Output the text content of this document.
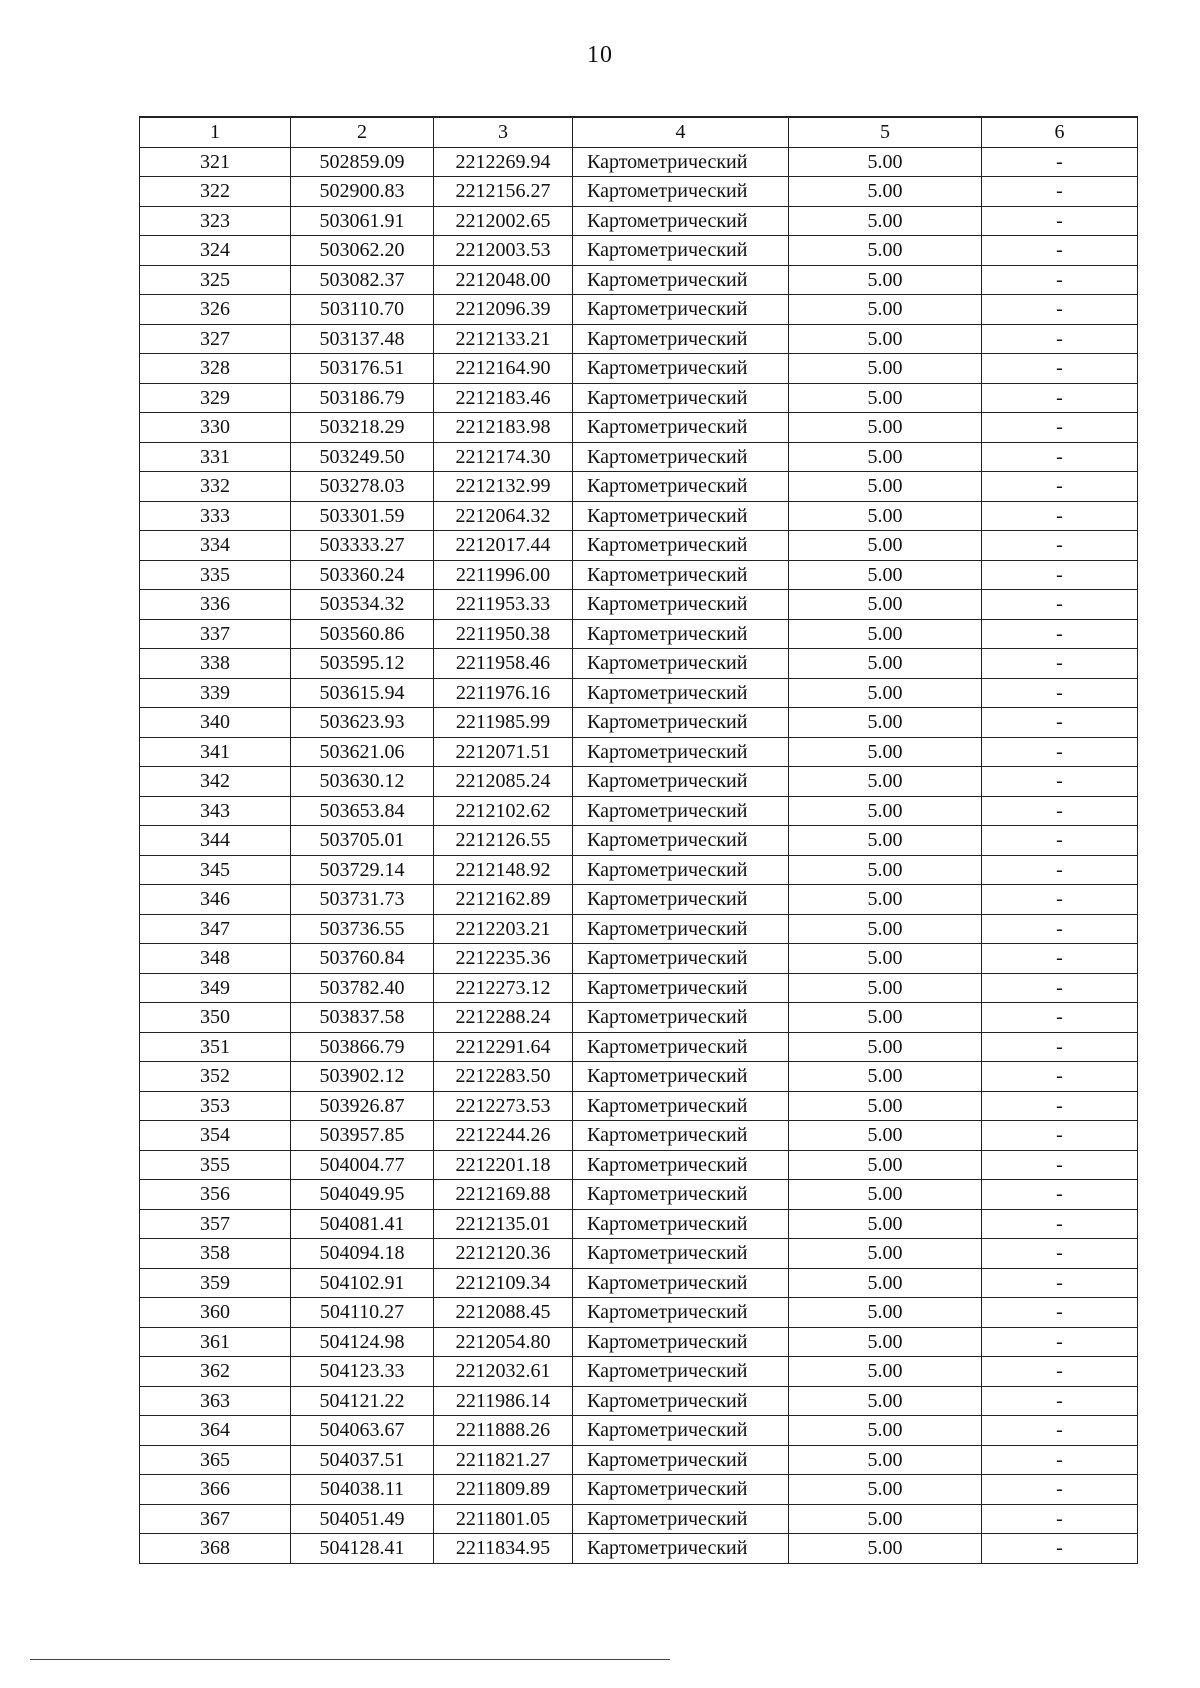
10
1	2	3	4	5	6
321	502859.09	2212269.94	Картометрический	5.00	-
322	502900.83	2212156.27	Картометрический	5.00	-
323	503061.91	2212002.65	Картометрический	5.00	-
324	503062.20	2212003.53	Картометрический	5.00	-
325	503082.37	2212048.00	Картометрический	5.00	-
326	503110.70	2212096.39	Картометрический	5.00	-
327	503137.48	2212133.21	Картометрический	5.00	-
328	503176.51	2212164.90	Картометрический	5.00	-
329	503186.79	2212183.46	Картометрический	5.00	-
330	503218.29	2212183.98	Картометрический	5.00	-
331	503249.50	2212174.30	Картометрический	5.00	-
332	503278.03	2212132.99	Картометрический	5.00	-
333	503301.59	2212064.32	Картометрический	5.00	-
334	503333.27	2212017.44	Картометрический	5.00	-
335	503360.24	2211996.00	Картометрический	5.00	-
336	503534.32	2211953.33	Картометрический	5.00	-
337	503560.86	2211950.38	Картометрический	5.00	-
338	503595.12	2211958.46	Картометрический	5.00	-
339	503615.94	2211976.16	Картометрический	5.00	-
340	503623.93	2211985.99	Картометрический	5.00	-
341	503621.06	2212071.51	Картометрический	5.00	-
342	503630.12	2212085.24	Картометрический	5.00	-
343	503653.84	2212102.62	Картометрический	5.00	-
344	503705.01	2212126.55	Картометрический	5.00	-
345	503729.14	2212148.92	Картометрический	5.00	-
346	503731.73	2212162.89	Картометрический	5.00	-
347	503736.55	2212203.21	Картометрический	5.00	-
348	503760.84	2212235.36	Картометрический	5.00	-
349	503782.40	2212273.12	Картометрический	5.00	-
350	503837.58	2212288.24	Картометрический	5.00	-
351	503866.79	2212291.64	Картометрический	5.00	-
352	503902.12	2212283.50	Картометрический	5.00	-
353	503926.87	2212273.53	Картометрический	5.00	-
354	503957.85	2212244.26	Картометрический	5.00	-
355	504004.77	2212201.18	Картометрический	5.00	-
356	504049.95	2212169.88	Картометрический	5.00	-
357	504081.41	2212135.01	Картометрический	5.00	-
358	504094.18	2212120.36	Картометрический	5.00	-
359	504102.91	2212109.34	Картометрический	5.00	-
360	504110.27	2212088.45	Картометрический	5.00	-
361	504124.98	2212054.80	Картометрический	5.00	-
362	504123.33	2212032.61	Картометрический	5.00	-
363	504121.22	2211986.14	Картометрический	5.00	-
364	504063.67	2211888.26	Картометрический	5.00	-
365	504037.51	2211821.27	Картометрический	5.00	-
366	504038.11	2211809.89	Картометрический	5.00	-
367	504051.49	2211801.05	Картометрический	5.00	-
368	504128.41	2211834.95	Картометрический	5.00	-
